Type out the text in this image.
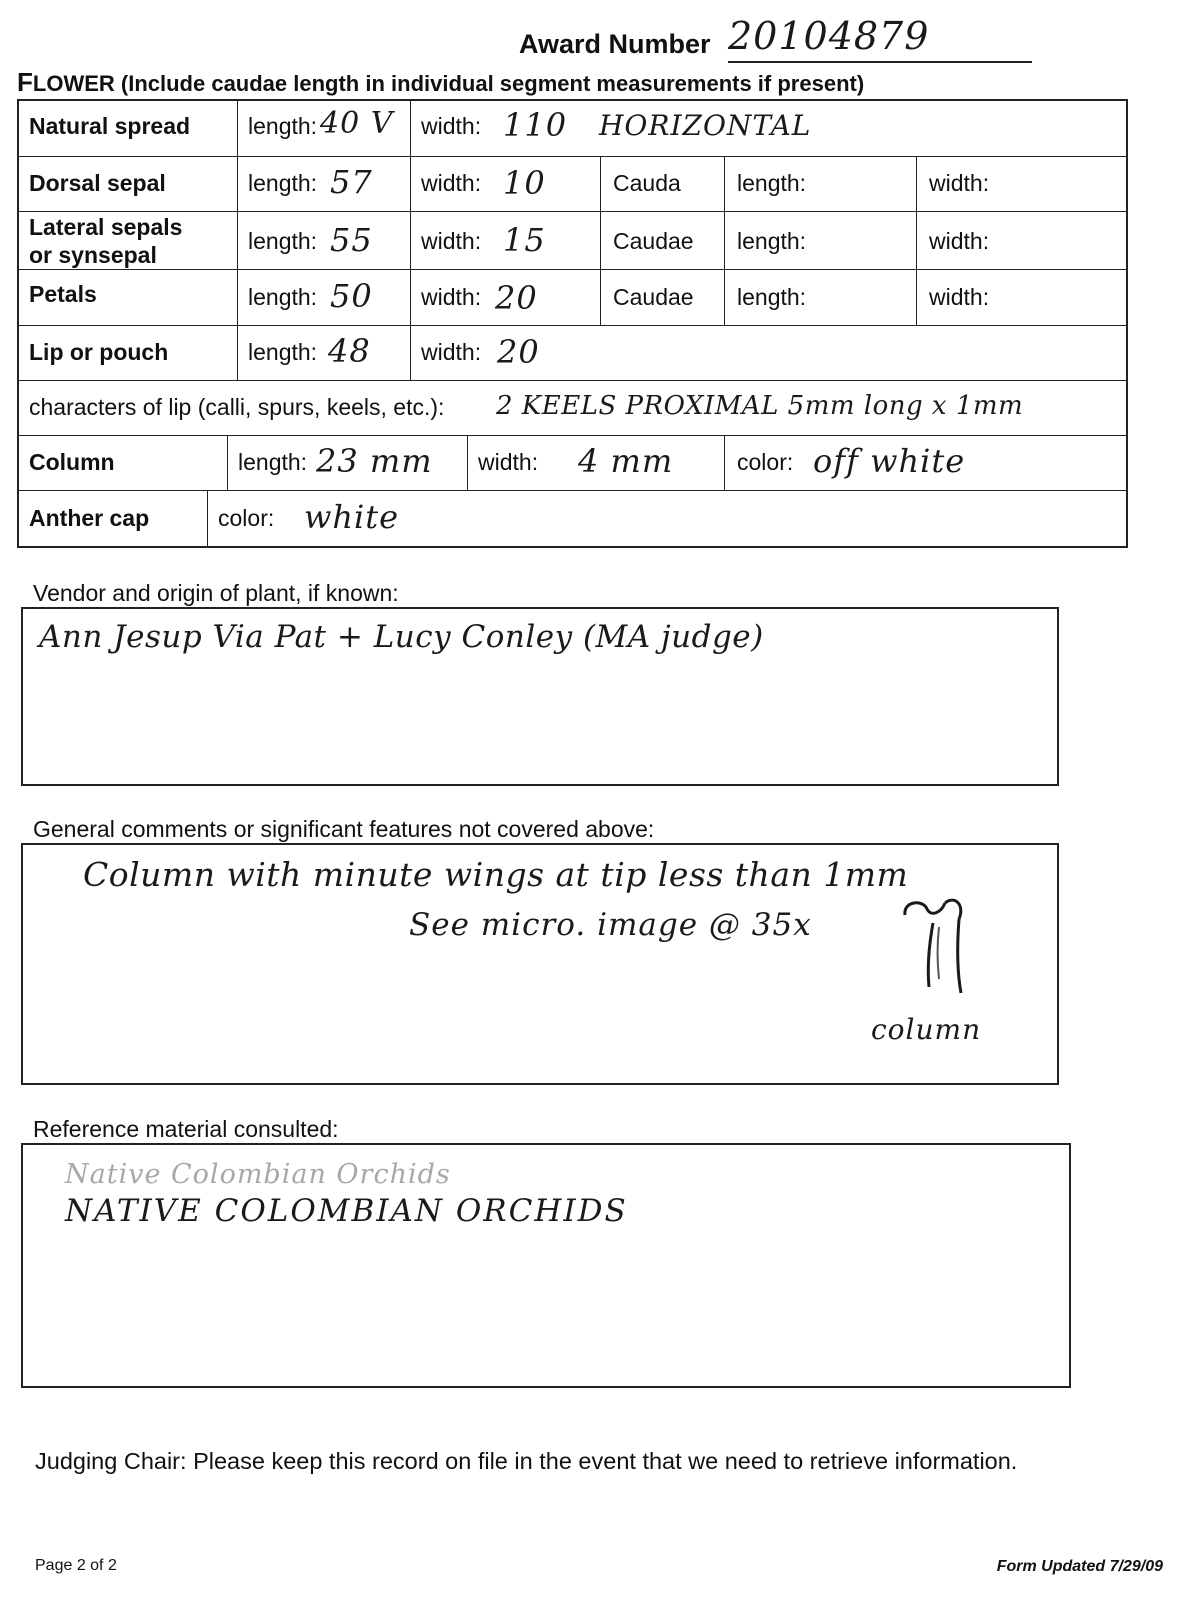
Award Number 20104879
FLOWER (Include caudae length in individual segment measurements if present)
Natural spread	length: 40 V width: 110 HORIZONTAL
Dorsal sepal	length: 57 width: 10	Cauda length:	width:
Lateral sepals
or synsepal
length: 55 width: 15	Caudae length:	width:
Petals	length: 50 width: 20	Caudae length:	width:
Lip or pouch	length: 48 width: 20
characters of lip (calli, spurs, keels, etc.): 2 KEELS PROXIMAL 5mm long x 1mm
Column	length: 23 mm width: 4 mm	color: off white
Anther cap	color: white
Vendor and origin of plant, if known:
Ann Jesup Via Pat + Lucy Conley (MA judge)
General comments or significant features not covered above:
Column with minute wings at tip less than 1mm
See micro. image @ 35x
column
Reference material consulted:
Native Colombian Orchids
NATIVE COLOMBIAN ORCHIDS
Judging Chair: Please keep this record on file in the event that we need to retrieve information.
Page 2 of 2	Form Updated 7/29/09
